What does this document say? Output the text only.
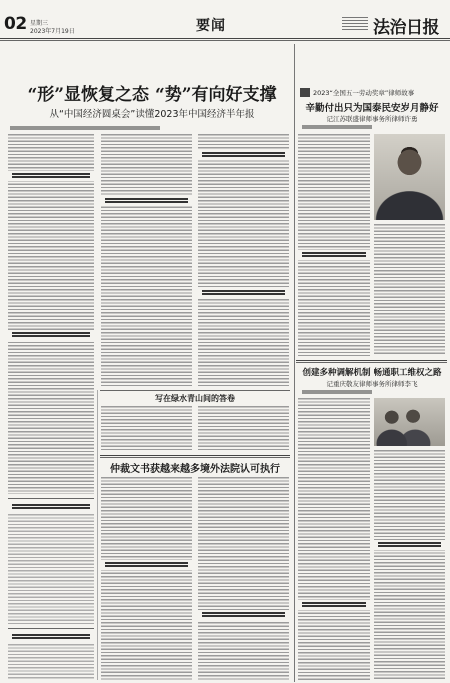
02 星期三
2023年7月19日	要闻	法治日报
“形”显恢复之态 “势”有向好支撑
从“中国经济圆桌会”读懂2023年中国经济半年报
写在绿水青山间的答卷
仲裁文书获越来越多境外法院认可执行
2023“全国五一劳动奖章”律师故事
辛勤付出只为国泰民安岁月静好
记江苏联盛律师事务所律师许勇
创建多种调解机制 畅通职工维权之路
记重庆敬友律师事务所律师李飞
